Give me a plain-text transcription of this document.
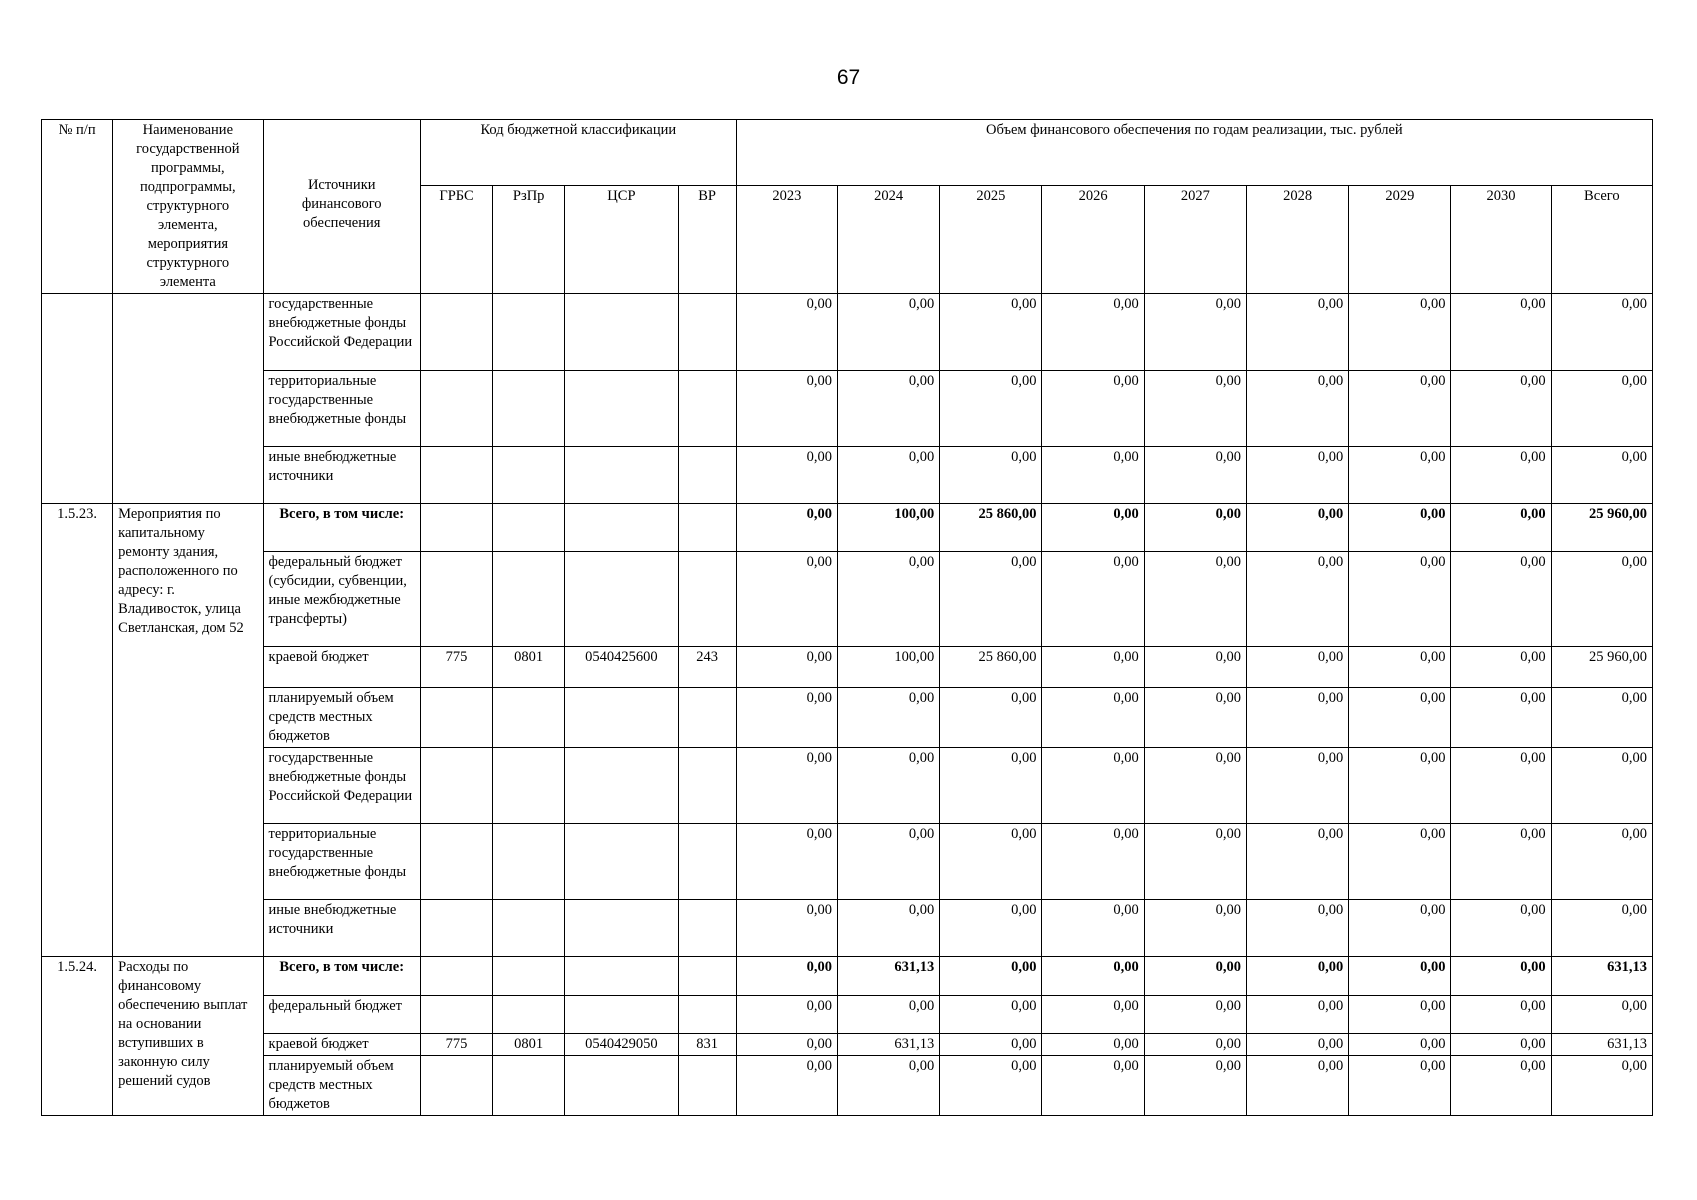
67
№ п/п	Наименование государственной программы, подпрограммы, структурного элемента, мероприятия структурного элемента	Источники финансового обеспечения	Код бюджетной классификации				Объем финансового обеспечения по годам реализации, тыс. рублей								
			ГРБС	РзПр	ЦСР	ВР	2023	2024	2025	2026	2027	2028	2029	2030	Всего
		государственные внебюджетные фонды Российской Федерации					0,00	0,00	0,00	0,00	0,00	0,00	0,00	0,00	0,00
		территориальные государственные внебюджетные фонды					0,00	0,00	0,00	0,00	0,00	0,00	0,00	0,00	0,00
		иные внебюджетные источники					0,00	0,00	0,00	0,00	0,00	0,00	0,00	0,00	0,00
1.5.23.	Мероприятия по капитальному ремонту здания, расположенного по адресу: г. Владивосток, улица Светланская, дом 52	Всего, в том числе:					0,00	100,00	25 860,00	0,00	0,00	0,00	0,00	0,00	25 960,00
		федеральный бюджет (субсидии, субвенции, иные межбюджетные трансферты)					0,00	0,00	0,00	0,00	0,00	0,00	0,00	0,00	0,00
		краевой бюджет	775	0801	0540425600	243	0,00	100,00	25 860,00	0,00	0,00	0,00	0,00	0,00	25 960,00
		планируемый объем средств местных бюджетов					0,00	0,00	0,00	0,00	0,00	0,00	0,00	0,00	0,00
		государственные внебюджетные фонды Российской Федерации					0,00	0,00	0,00	0,00	0,00	0,00	0,00	0,00	0,00
		территориальные государственные внебюджетные фонды					0,00	0,00	0,00	0,00	0,00	0,00	0,00	0,00	0,00
		иные внебюджетные источники					0,00	0,00	0,00	0,00	0,00	0,00	0,00	0,00	0,00
1.5.24.	Расходы по финансовому обеспечению выплат на основании вступивших в законную силу решений судов	Всего, в том числе:					0,00	631,13	0,00	0,00	0,00	0,00	0,00	0,00	631,13
		федеральный бюджет					0,00	0,00	0,00	0,00	0,00	0,00	0,00	0,00	0,00
		краевой бюджет	775	0801	0540429050	831	0,00	631,13	0,00	0,00	0,00	0,00	0,00	0,00	631,13
		планируемый объем средств местных бюджетов					0,00	0,00	0,00	0,00	0,00	0,00	0,00	0,00	0,00
